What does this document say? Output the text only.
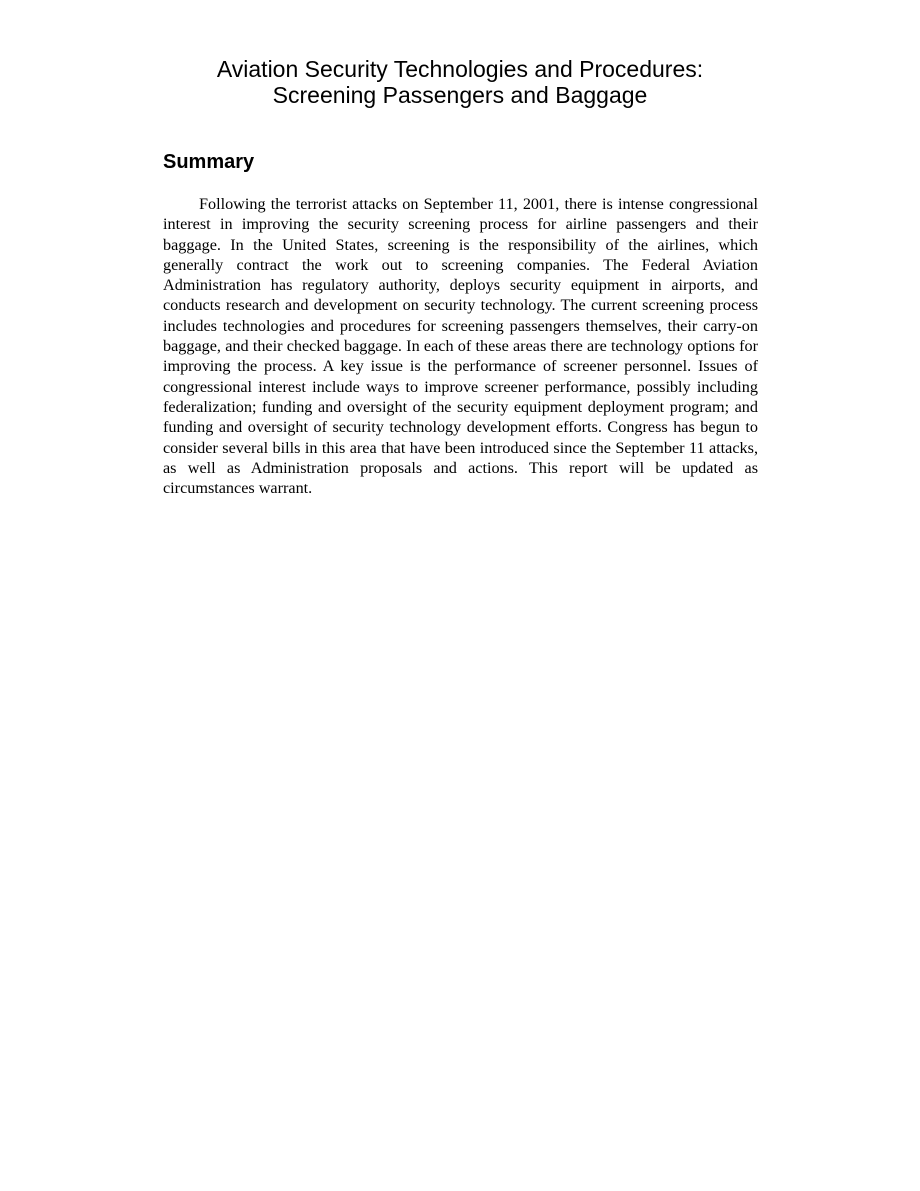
Aviation Security Technologies and Procedures:
Screening Passengers and Baggage
Summary

Following the terrorist attacks on September 11, 2001, there is intense congressional interest in improving the security screening process for airline passengers and their baggage. In the United States, screening is the responsibility of the airlines, which generally contract the work out to screening companies. The Federal Aviation Administration has regulatory authority, deploys security equipment in airports, and conducts research and development on security technology. The current screening process includes technologies and procedures for screening passengers themselves, their carry-on baggage, and their checked baggage. In each of these areas there are technology options for improving the process. A key issue is the performance of screener personnel. Issues of congressional interest include ways to improve screener performance, possibly including federalization; funding and oversight of the security equipment deployment program; and funding and oversight of security technology development efforts. Congress has begun to consider several bills in this area that have been introduced since the September 11 attacks, as well as Administration proposals and actions. This report will be updated as circumstances warrant.
